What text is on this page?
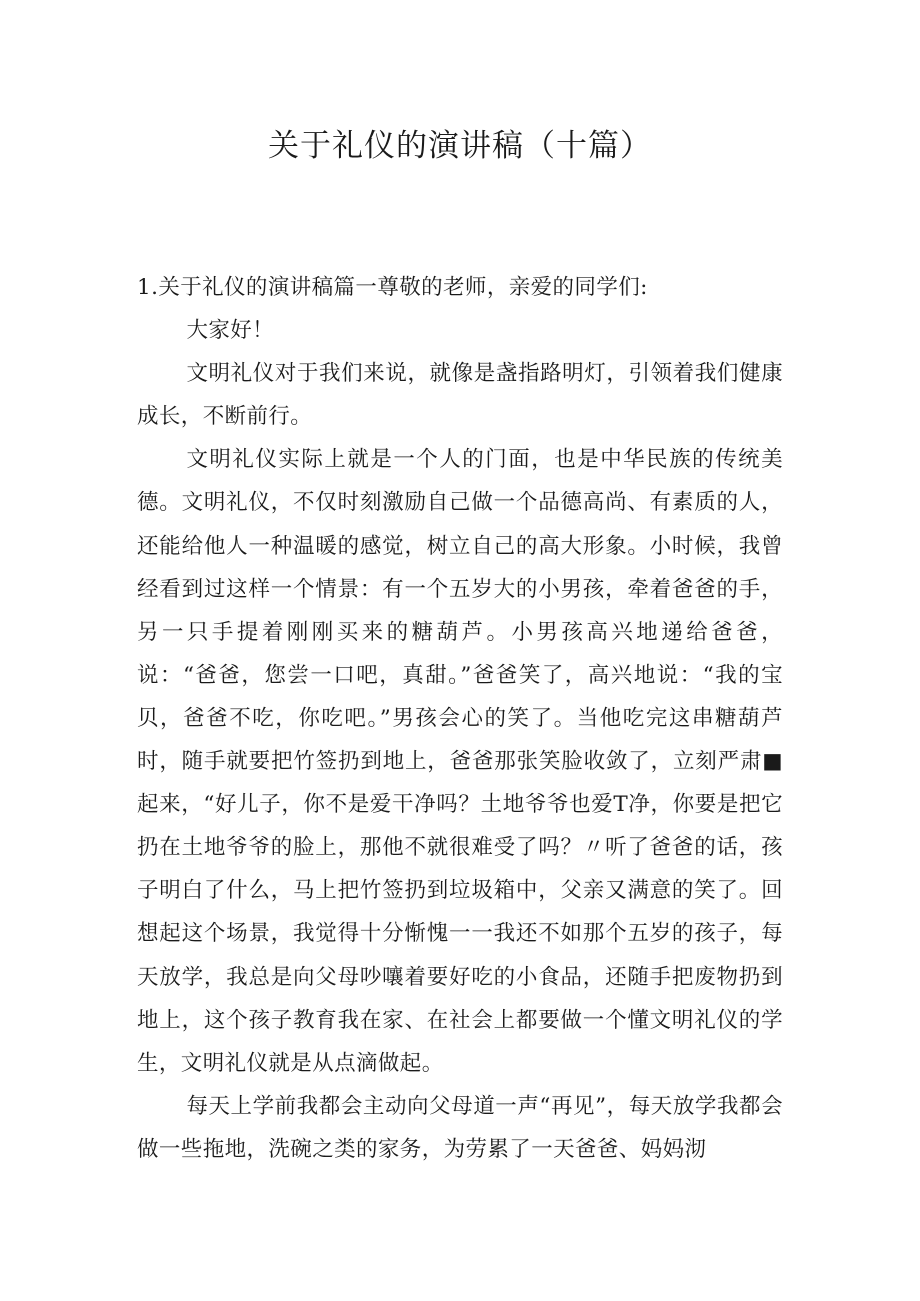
关于礼仪的演讲稿（十篇）

1.关于礼仪的演讲稿篇一尊敬的老师，亲爱的同学们:

大家好！

文明礼仪对于我们来说，就像是盏指路明灯，引领着我们健康成长，不断前行。

文明礼仪实际上就是一个人的门面，也是中华民族的传统美德。文明礼仪，不仅时刻激励自己做一个品德高尚、有素质的人，还能给他人一种温暖的感觉，树立自己的高大形象。小时候，我曾经看到过这样一个情景：有一个五岁大的小男孩，牵着爸爸的手，另一只手提着刚刚买来的糖葫芦。小男孩高兴地递给爸爸，说：“爸爸，您尝一口吧，真甜。”爸爸笑了，高兴地说：“我的宝贝，爸爸不吃，你吃吧。”男孩会心的笑了。当他吃完这串糖葫芦时，随手就要把竹签扔到地上，爸爸那张笑脸收敛了，立刻严肃■起来，“好儿子，你不是爱干净吗？土地爷爷也爱T净，你要是把它扔在土地爷爷的脸上，那他不就很难受了吗？〃听了爸爸的话，孩子明白了什么，马上把竹签扔到垃圾箱中，父亲又满意的笑了。回想起这个场景，我觉得十分惭愧一一我还不如那个五岁的孩子，每天放学，我总是向父母吵嚷着要好吃的小食品，还随手把废物扔到地上，这个孩子教育我在家、在社会上都要做一个懂文明礼仪的学生，文明礼仪就是从点滴做起。

每天上学前我都会主动向父母道一声“再见”，每天放学我都会做一些拖地，洗碗之类的家务，为劳累了一天爸爸、妈妈沏
